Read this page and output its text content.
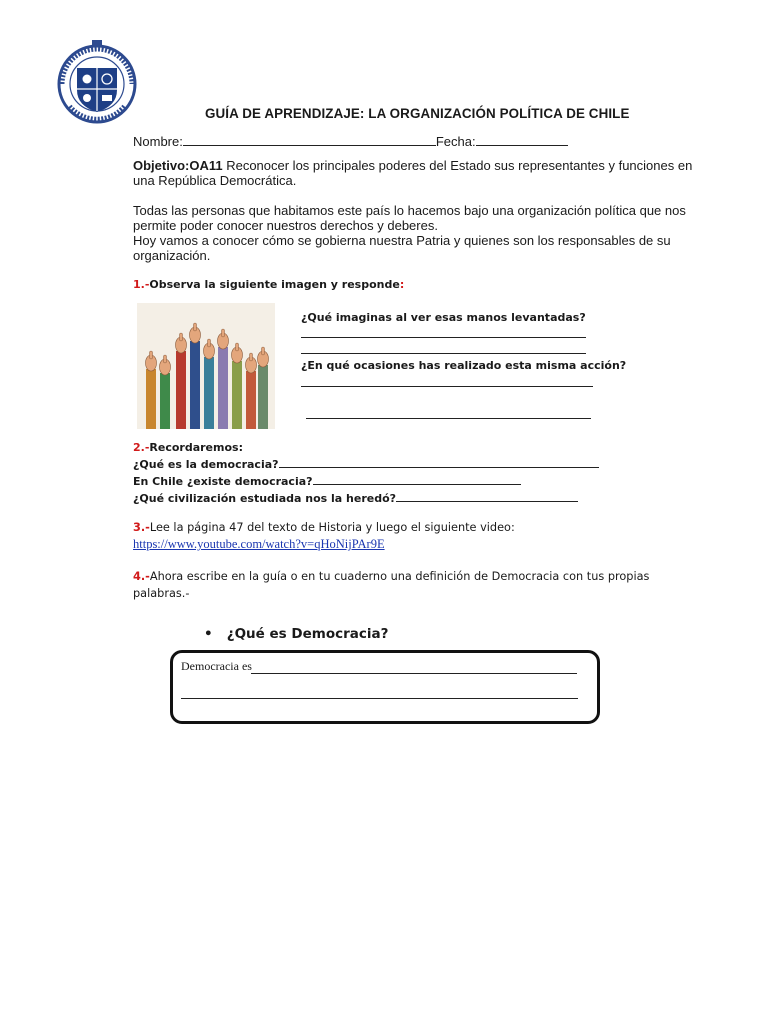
GUÍA DE APRENDIZAJE: LA ORGANIZACIÓN POLÍTICA DE CHILE
Nombre:	Fecha:
Objetivo:OA11 Reconocer los principales poderes del Estado sus representantes y funciones en
una República Democrática.
Todas las personas que habitamos este país lo hacemos bajo una organización política que nos
permite poder conocer nuestros derechos y deberes.
Hoy vamos a conocer cómo se gobierna nuestra Patria y quienes son los responsables de su
organización.
1.-Observa la siguiente imagen y responde:
¿Qué imaginas al ver esas manos levantadas?
¿En qué ocasiones has realizado esta misma acción?
2.-Recordaremos:
¿Qué es la democracia?
En Chile ¿existe democracia?
¿Qué civilización estudiada nos la heredó?
3.-Lee la página 47 del texto de Historia y luego el siguiente video:
https://www.youtube.com/watch?v=qHoNijPAr9E
4.-Ahora escribe en la guía o en tu cuaderno una definición de Democracia con tus propias
palabras.-
• ¿Qué es Democracia?
Democracia es
